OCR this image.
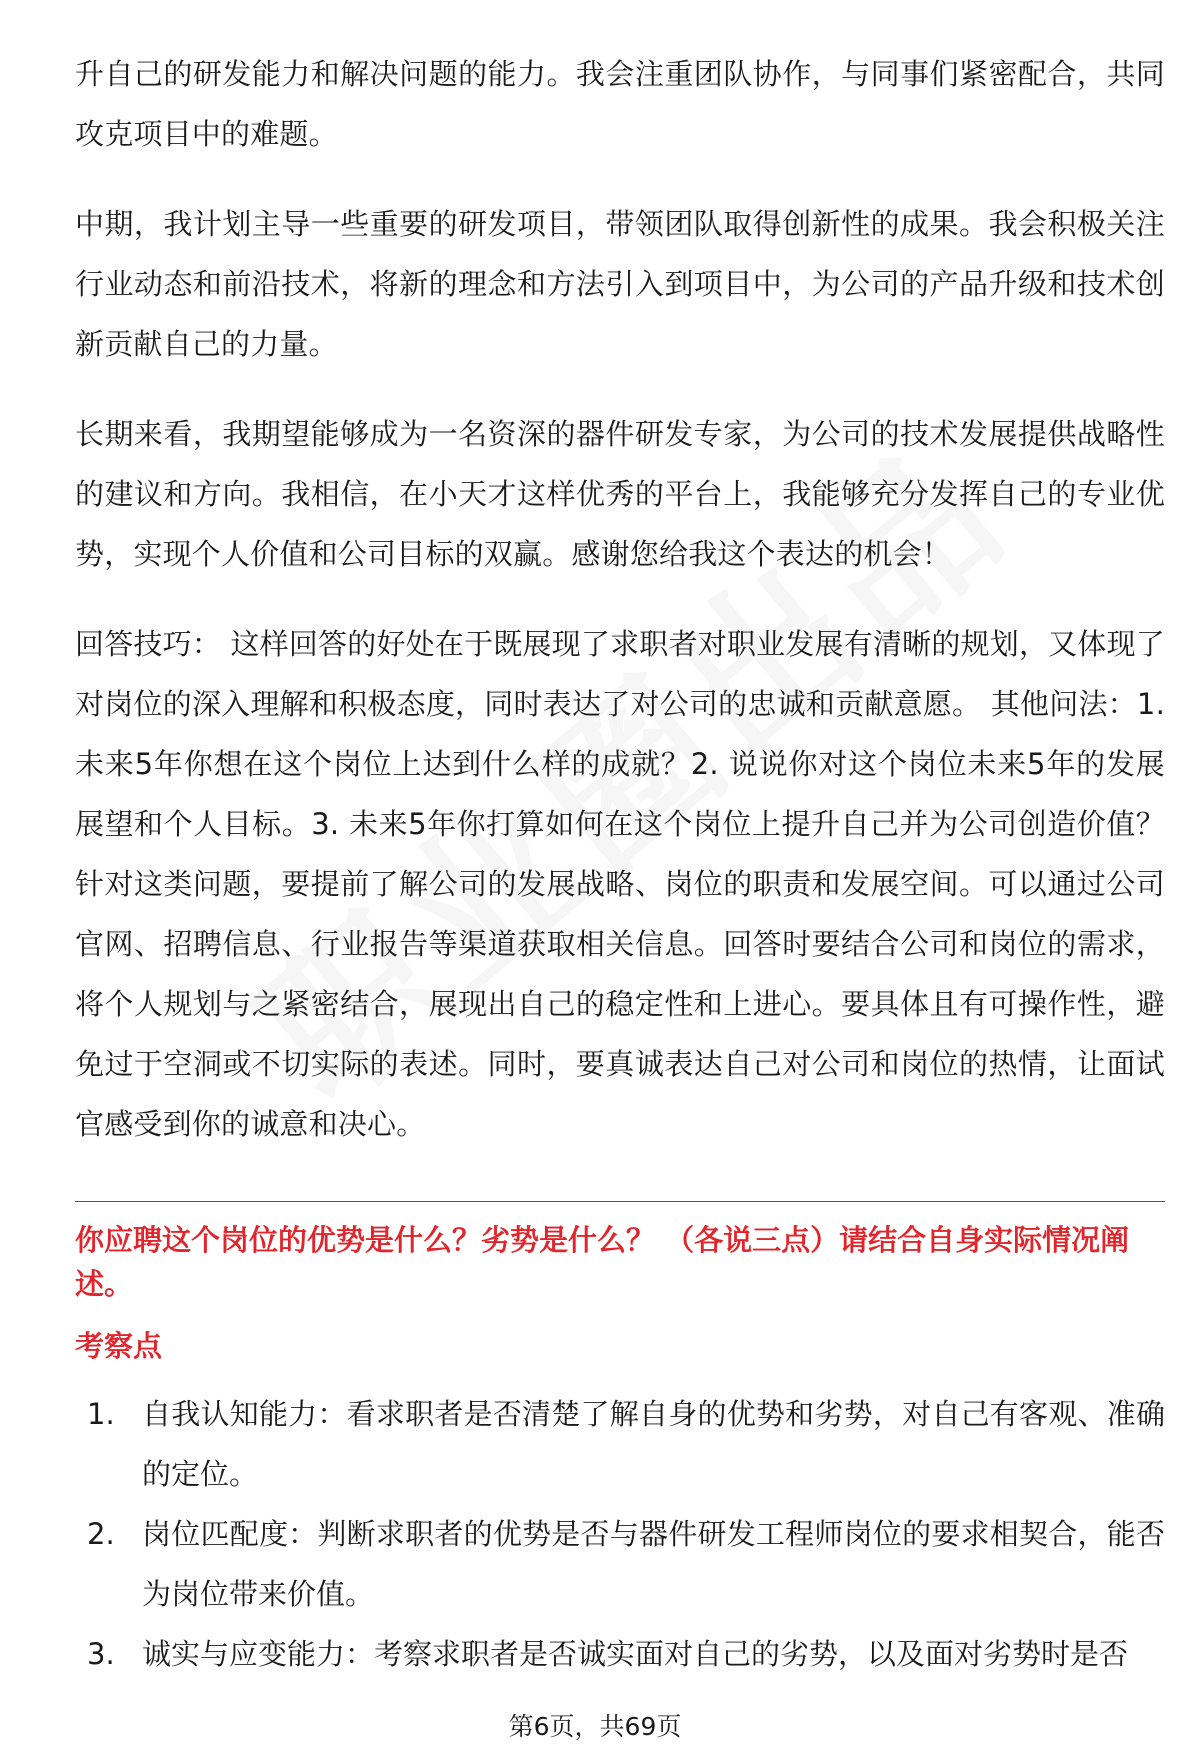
升自己的研发能力和解决问题的能力。我会注重团队协作，与同事们紧密配合，共同攻克项目中的难题。

中期，我计划主导一些重要的研发项目，带领团队取得创新性的成果。我会积极关注行业动态和前沿技术，将新的理念和方法引入到项目中，为公司的产品升级和技术创新贡献自己的力量。

长期来看，我期望能够成为一名资深的器件研发专家，为公司的技术发展提供战略性的建议和方向。我相信，在小天才这样优秀的平台上，我能够充分发挥自己的专业优势，实现个人价值和公司目标的双赢。感谢您给我这个表达的机会！

回答技巧： 这样回答的好处在于既展现了求职者对职业发展有清晰的规划，又体现了对岗位的深入理解和积极态度，同时表达了对公司的忠诚和贡献意愿。 其他问法：1. 未来5年你想在这个岗位上达到什么样的成就？2. 说说你对这个岗位未来5年的发展展望和个人目标。3. 未来5年你打算如何在这个岗位上提升自己并为公司创造价值？ 针对这类问题，要提前了解公司的发展战略、岗位的职责和发展空间。可以通过公司官网、招聘信息、行业报告等渠道获取相关信息。回答时要结合公司和岗位的需求，将个人规划与之紧密结合，展现出自己的稳定性和上进心。要具体且有可操作性，避免过于空洞或不切实际的表述。同时，要真诚表达自己对公司和岗位的热情，让面试官感受到你的诚意和决心。

你应聘这个岗位的优势是什么？劣势是什么？ （各说三点）请结合自身实际情况阐述。

考察点

1. 自我认知能力：看求职者是否清楚了解自身的优势和劣势，对自己有客观、准确的定位。
2. 岗位匹配度：判断求职者的优势是否与器件研发工程师岗位的要求相契合，能否为岗位带来价值。
3. 诚实与应变能力：考察求职者是否诚实面对自己的劣势，以及面对劣势时是否
第6页，共69页
